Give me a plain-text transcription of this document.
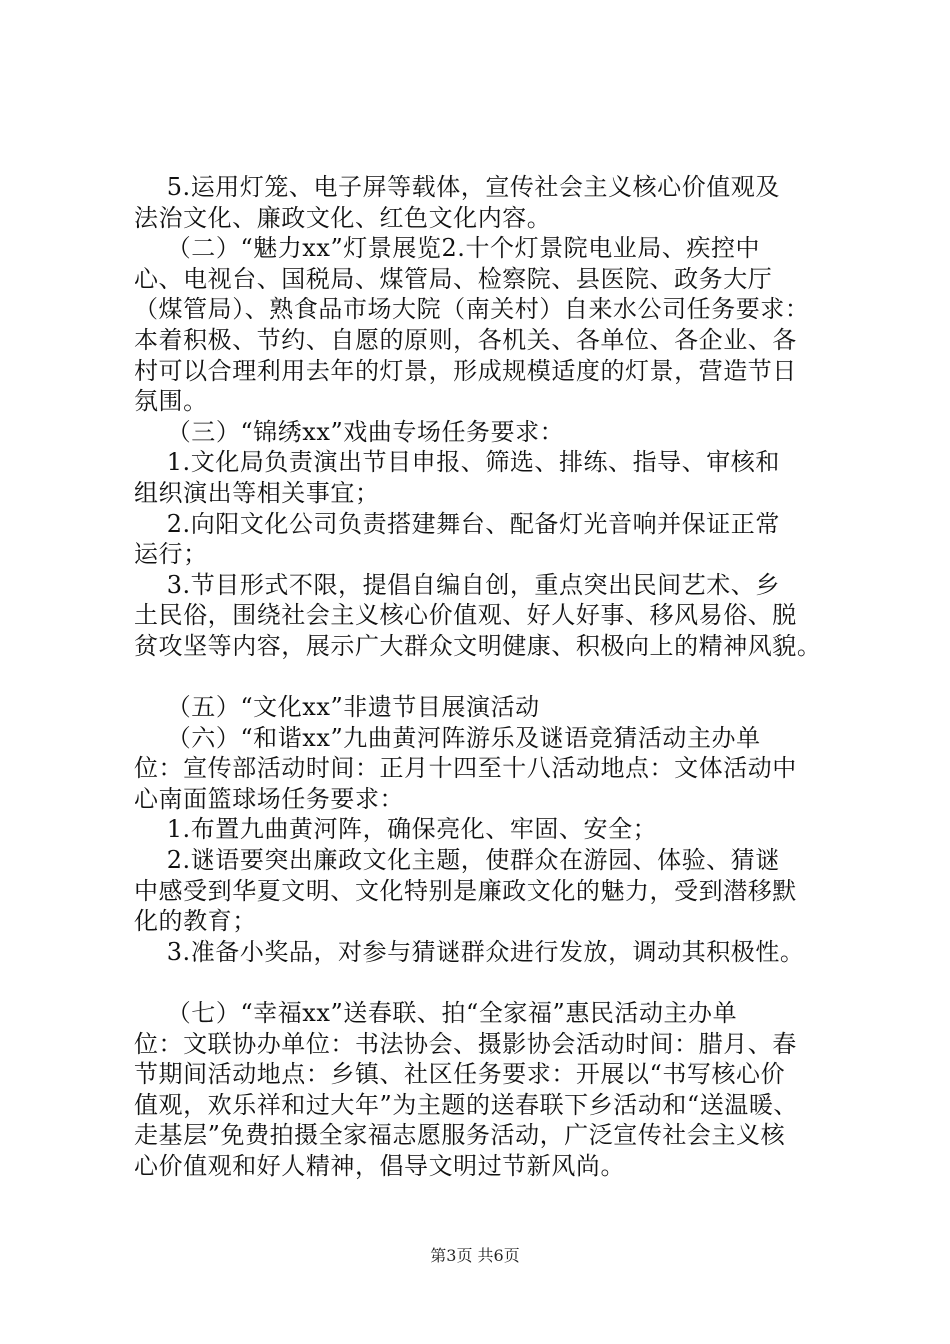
5.运用灯笼、电子屏等载体，宣传社会主义核心价值观及
法治文化、廉政文化、红色文化内容。
（二）“魅力xx”灯景展览2.十个灯景院电业局、疾控中
心、电视台、国税局、煤管局、检察院、县医院、政务大厅
（煤管局）、熟食品市场大院（南关村）自来水公司任务要求：
本着积极、节约、自愿的原则，各机关、各单位、各企业、各
村可以合理利用去年的灯景，形成规模适度的灯景，营造节日
氛围。
（三）“锦绣xx”戏曲专场任务要求：
1.文化局负责演出节目申报、筛选、排练、指导、审核和
组织演出等相关事宜；
2.向阳文化公司负责搭建舞台、配备灯光音响并保证正常
运行；
3.节目形式不限，提倡自编自创，重点突出民间艺术、乡
土民俗，围绕社会主义核心价值观、好人好事、移风易俗、脱
贫攻坚等内容，展示广大群众文明健康、积极向上的精神风貌。
（五）“文化xx”非遗节目展演活动
（六）“和谐xx”九曲黄河阵游乐及谜语竞猜活动主办单
位：宣传部活动时间：正月十四至十八活动地点：文体活动中
心南面篮球场任务要求：
1.布置九曲黄河阵，确保亮化、牢固、安全；
2.谜语要突出廉政文化主题，使群众在游园、体验、猜谜
中感受到华夏文明、文化特别是廉政文化的魅力，受到潜移默
化的教育；
3.准备小奖品，对参与猜谜群众进行发放，调动其积极性。
（七）“幸福xx”送春联、拍“全家福”惠民活动主办单
位：文联协办单位：书法协会、摄影协会活动时间：腊月、春
节期间活动地点：乡镇、社区任务要求：开展以“书写核心价
值观，欢乐祥和过大年”为主题的送春联下乡活动和“送温暖、
走基层”免费拍摄全家福志愿服务活动，广泛宣传社会主义核
心价值观和好人精神，倡导文明过节新风尚。
第3页 共6页
